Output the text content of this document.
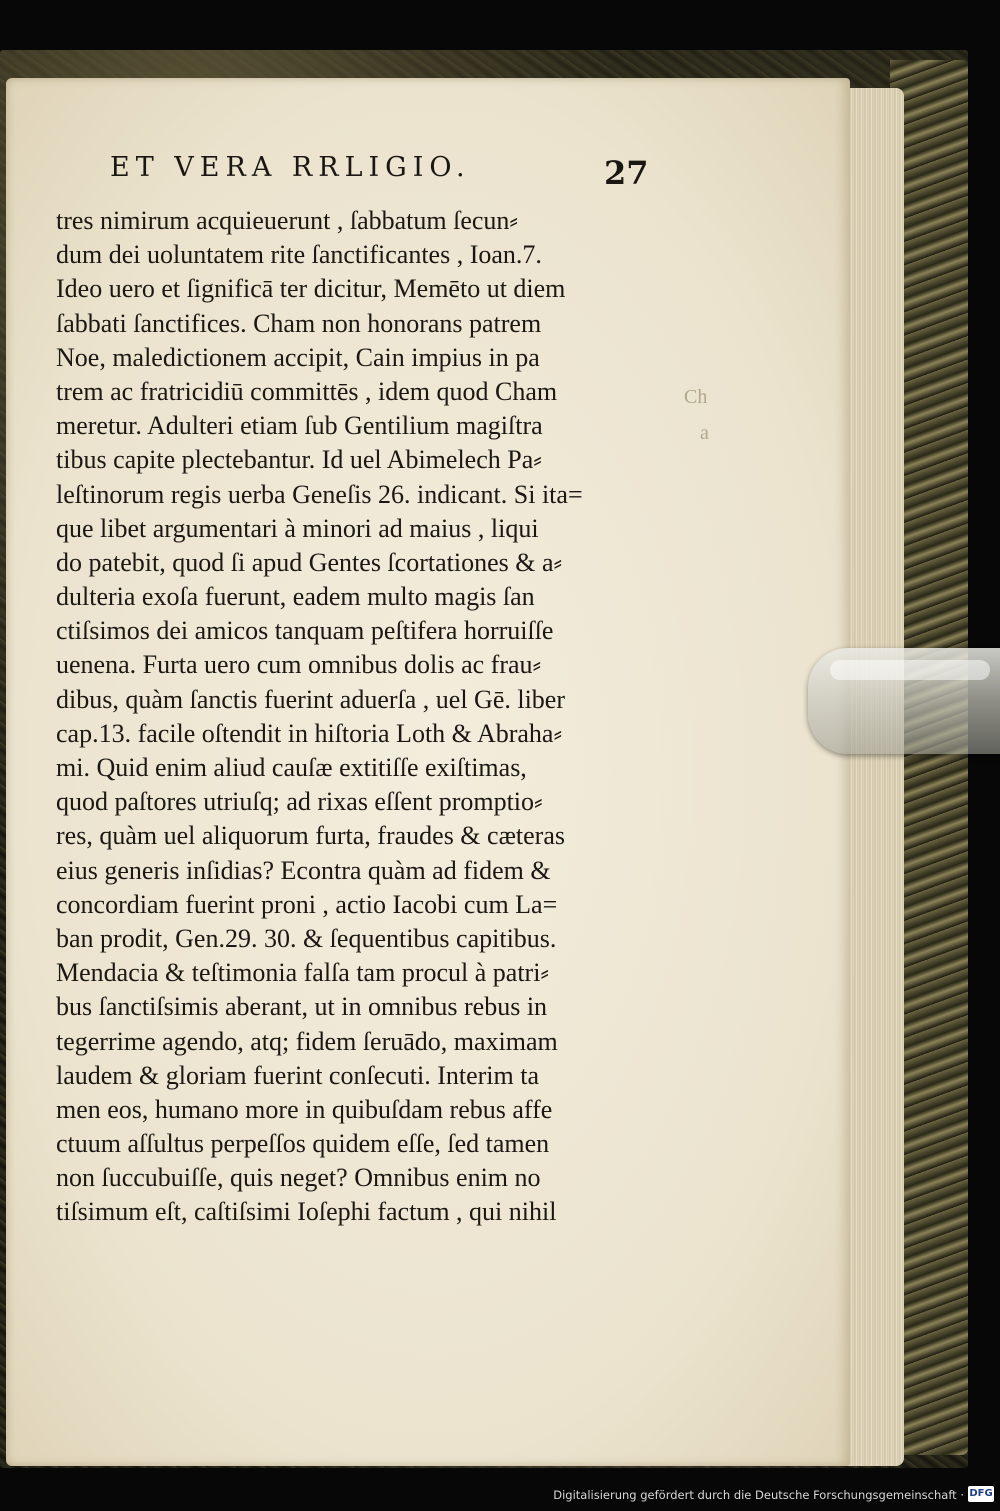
ET VERA RRLIGIO.	27
Ch
a
tres nimirum acquieuerunt , ſabbatum ſecun⸗
dum dei uoluntatem rite ſanctificantes , Ioan.7.
Ideo uero et ſignificā ter dicitur, Memēto ut diem
ſabbati ſanctifices. Cham non honorans patrem
Noe, maledictionem accipit, Cain impius in pa
trem ac fratricidiū committēs , idem quod Cham
meretur. Adulteri etiam ſub Gentilium magiſtra
tibus capite plectebantur. Id uel Abimelech Pa⸗
leſtinorum regis uerba Geneſis 26. indicant. Si ita=
que libet argumentari à minori ad maius , liqui
do patebit, quod ſi apud Gentes ſcortationes & a⸗
dulteria exoſa fuerunt, eadem multo magis ſan
ctiſsimos dei amicos tanquam peſtifera horruiſſe
uenena. Furta uero cum omnibus dolis ac frau⸗
dibus, quàm ſanctis fuerint aduerſa , uel Gē. liber
cap.13. facile oſtendit in hiſtoria Loth & Abraha⸗
mi. Quid enim aliud cauſæ extitiſſe exiſtimas,
quod paſtores utriuſq; ad rixas eſſent promptio⸗
res, quàm uel aliquorum furta, fraudes & cæteras
eius generis inſidias? Econtra quàm ad fidem &
concordiam fuerint proni , actio Iacobi cum La=
ban prodit, Gen.29. 30. & ſequentibus capitibus.
Mendacia & teſtimonia falſa tam procul à patri⸗
bus ſanctiſsimis aberant, ut in omnibus rebus in
tegerrime agendo, atq; fidem ſeruādo, maximam
laudem & gloriam fuerint conſecuti. Interim ta
men eos, humano more in quibuſdam rebus affe
ctuum aſſultus perpeſſos quidem eſſe, ſed tamen
non ſuccubuiſſe, quis neget? Omnibus enim no
tiſsimum eſt, caſtiſsimi Ioſephi factum , qui nihil
Digitalisierung gefördert durch die Deutsche Forschungsgemeinschaft · DFG
